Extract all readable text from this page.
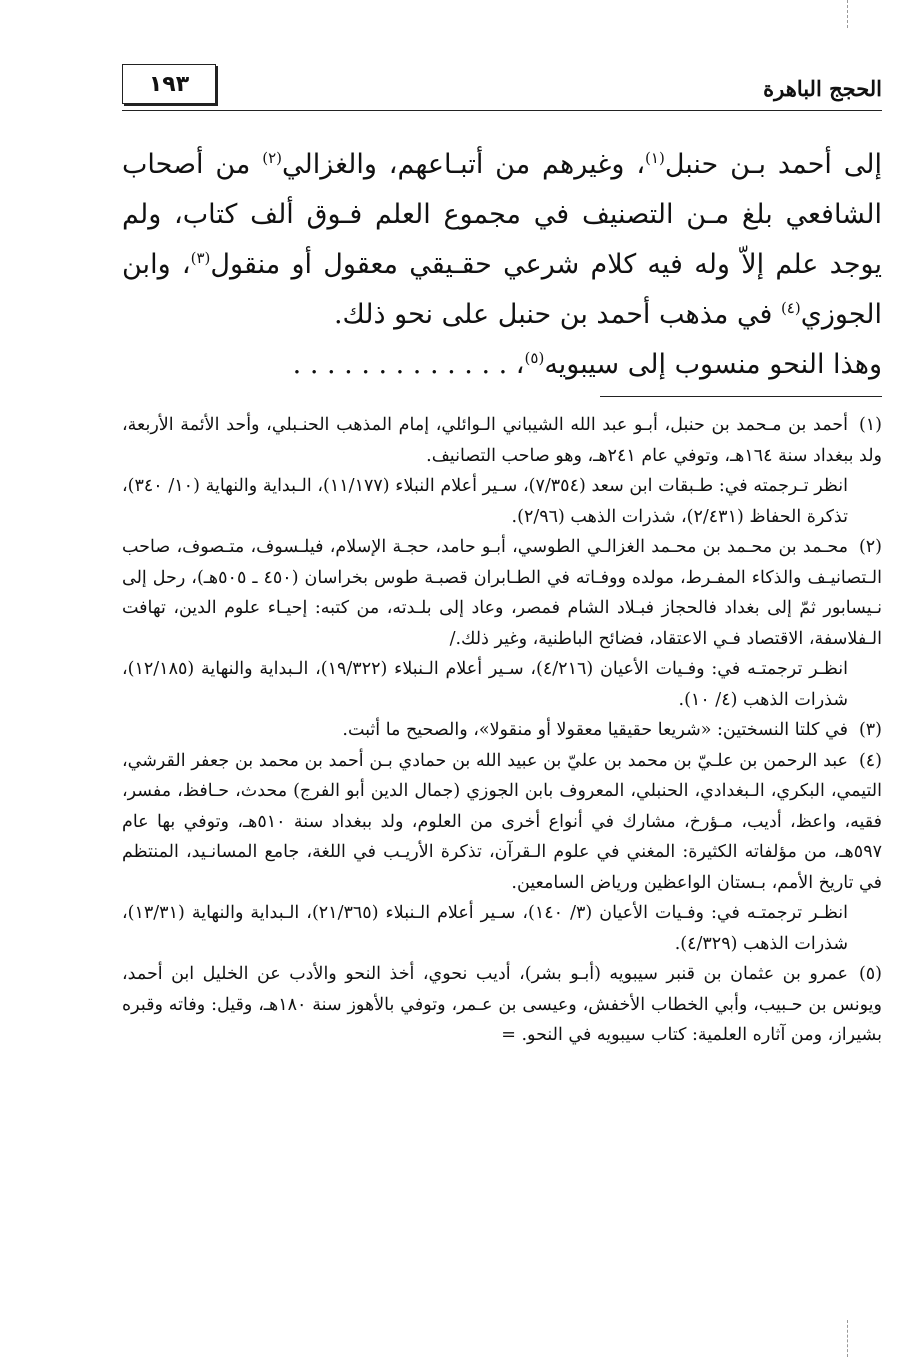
١٩٣	الحجج الباهرة

إلى أحمد بـن حنبل$^{(١)}$، وغيرهم من أتبـاعهم، والغزالي$^{(٢)}$ من أصحاب الشافعي بلغ مـن التصنيف في مجموع العلم فـوق ألف كتاب، ولم يوجد علم إلاّ وله فيه كلام شرعي حقـيقي معقول أو منقول$^{(٣)}$، وابن الجوزي$^{(٤)}$ في مذهب أحمد بن حنبل على نحو ذلك.

وهذا النحو منسوب إلى سيبويه$^{(٥)}$، . . . . . . . . . . . . .

(١)أحمد بن مـحمد بن حنبل، أبـو عبد الله الشيباني الـوائلي، إمام المذهب الحنـبلي، وأحد الأئمة الأربعة، ولد ببغداد سنة ١٦٤هـ، وتوفي عام ٢٤١هـ، وهو صاحب التصانيف.
انظر تـرجمته في: طـبقات ابن سعد (٧/٣٥٤)، سـير أعلام النبلاء (١١/١٧٧)، الـبداية والنهاية (١٠/ ٣٤٠)، تذكرة الحفاظ (٢/٤٣١)، شذرات الذهب (٢/٩٦).
(٢)محـمد بن محـمد بن محـمد الغزالـي الطوسي، أبـو حامد، حجـة الإسلام، فيلـسوف، متـصوف، صاحب الـتصانيـف والذكاء المفـرط، مولده ووفـاته في الطـابران قصبـة طوس بخراسان (٤٥٠ ـ ٥٠٥هـ)، رحل إلى نـيسابور ثمّ إلى بغداد فالحجاز فبـلاد الشام فمصر، وعاد إلى بلـدته، من كتبه: إحيـاء علوم الدين، تهافت الـفلاسفة، الاقتصاد فـي الاعتقاد، فضائح الباطنية، وغير ذلك./
انظـر ترجمتـه في: وفـيات الأعيان (٤/٢١٦)، سـير أعلام الـنبلاء (١٩/٣٢٢)، الـبداية والنهاية (١٢/١٨٥)، شذرات الذهب (٤/ ١٠).
(٣)في كلتا النسختين: «شريعا حقيقيا معقولا أو منقولا»، والصحيح ما أثبت.
(٤)عبد الرحمن بن علـيّ بن محمد بن عليّ بن عبيد الله بن حمادي بـن أحمد بن محمد بن جعفر القرشي، التيمي، البكري، الـبغدادي، الحنبلي، المعروف بابن الجوزي (جمال الدين أبو الفرج) محدث، حـافظ، مفسر، فقيه، واعظ، أديب، مـؤرخ، مشارك في أنواع أخرى من العلوم، ولد ببغداد سنة ٥١٠هـ، وتوفي بها عام ٥٩٧هـ، من مؤلفاته الكثيرة: المغني في علوم الـقرآن، تذكرة الأريـب في اللغة، جامع المسانـيد، المنتظم في تاريخ الأمم، بـستان الواعظين ورياض السامعين.
انظـر ترجمتـه في: وفـيات الأعيان (٣/ ١٤٠)، سـير أعلام الـنبلاء (٢١/٣٦٥)، الـبداية والنهاية (١٣/٣١)، شذرات الذهب (٤/٣٢٩).
(٥)عمرو بن عثمان بن قنبر سيبويه (أبـو بشر)، أديب نحوي، أخذ النحو والأدب عن الخليل ابن أحمد، ويونس بن حـبيب، وأبي الخطاب الأخفش، وعيسى بن عـمر، وتوفي بالأهوز سنة ١٨٠هـ، وقيل: وفاته وقبره بشيراز، ومن آثاره العلمية: كتاب سيبويه في النحو. =
